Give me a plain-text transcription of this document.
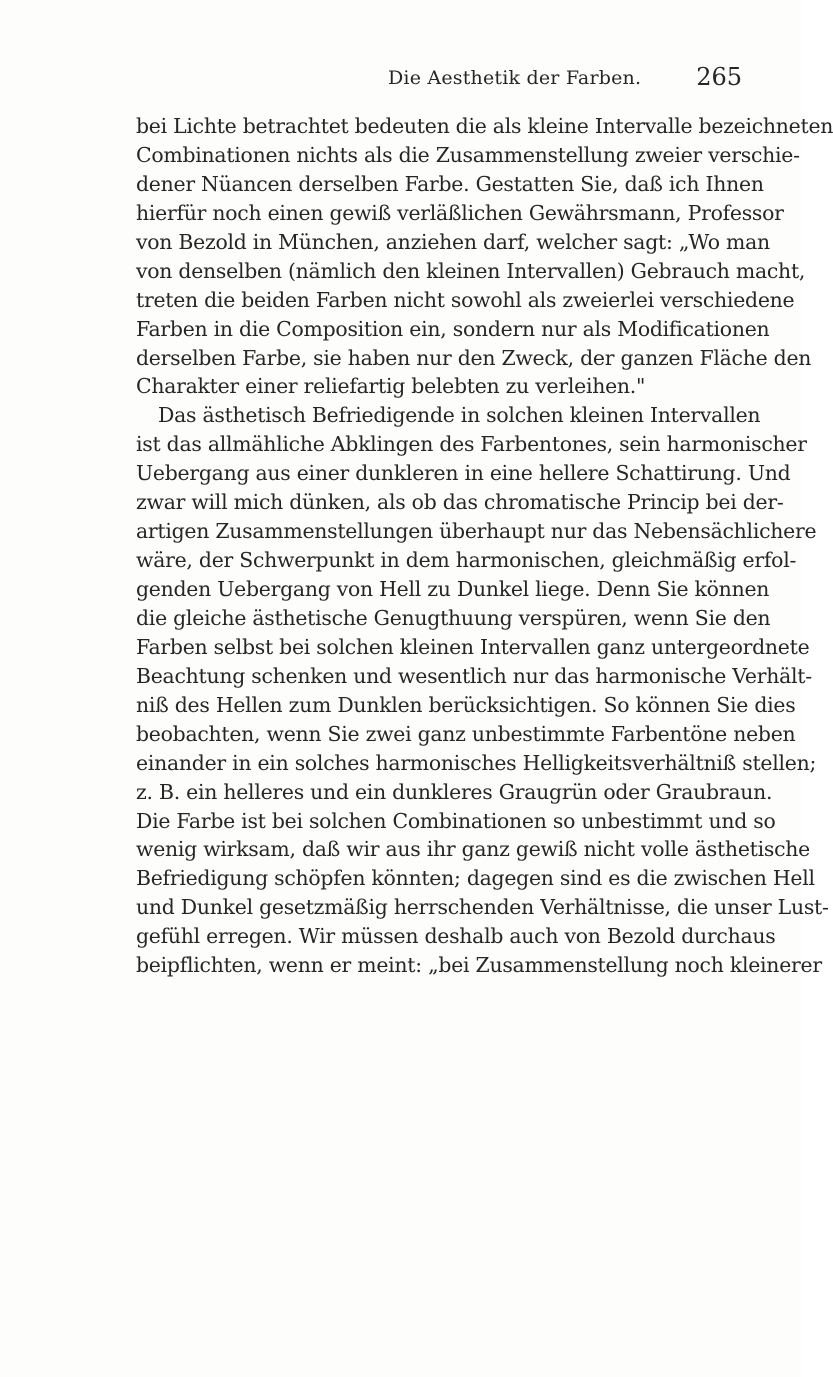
Die Aesthetik der Farben. 265
bei Lichte betrachtet bedeuten die als kleine Intervalle bezeichneten
Combinationen nichts als die Zusammenstellung zweier verschie-
dener Nüancen derselben Farbe. Gestatten Sie, daß ich Ihnen
hierfür noch einen gewiß verläßlichen Gewährsmann, Professor
von Bezold in München, anziehen darf, welcher sagt: „Wo man
von denselben (nämlich den kleinen Intervallen) Gebrauch macht,
treten die beiden Farben nicht sowohl als zweierlei verschiedene
Farben in die Composition ein, sondern nur als Modificationen
derselben Farbe, sie haben nur den Zweck, der ganzen Fläche den
Charakter einer reliefartig belebten zu verleihen."
Das ästhetisch Befriedigende in solchen kleinen Intervallen
ist das allmähliche Abklingen des Farbentones, sein harmonischer
Uebergang aus einer dunkleren in eine hellere Schattirung. Und
zwar will mich dünken, als ob das chromatische Princip bei der-
artigen Zusammenstellungen überhaupt nur das Nebensächlichere
wäre, der Schwerpunkt in dem harmonischen, gleichmäßig erfol-
genden Uebergang von Hell zu Dunkel liege. Denn Sie können
die gleiche ästhetische Genugthuung verspüren, wenn Sie den
Farben selbst bei solchen kleinen Intervallen ganz untergeordnete
Beachtung schenken und wesentlich nur das harmonische Verhält-
niß des Hellen zum Dunklen berücksichtigen. So können Sie dies
beobachten, wenn Sie zwei ganz unbestimmte Farbentöne neben
einander in ein solches harmonisches Helligkeitsverhältniß stellen;
z. B. ein helleres und ein dunkleres Graugrün oder Graubraun.
Die Farbe ist bei solchen Combinationen so unbestimmt und so
wenig wirksam, daß wir aus ihr ganz gewiß nicht volle ästhetische
Befriedigung schöpfen könnten; dagegen sind es die zwischen Hell
und Dunkel gesetzmäßig herrschenden Verhältnisse, die unser Lust-
gefühl erregen. Wir müssen deshalb auch von Bezold durchaus
beipflichten, wenn er meint: „bei Zusammenstellung noch kleinerer
